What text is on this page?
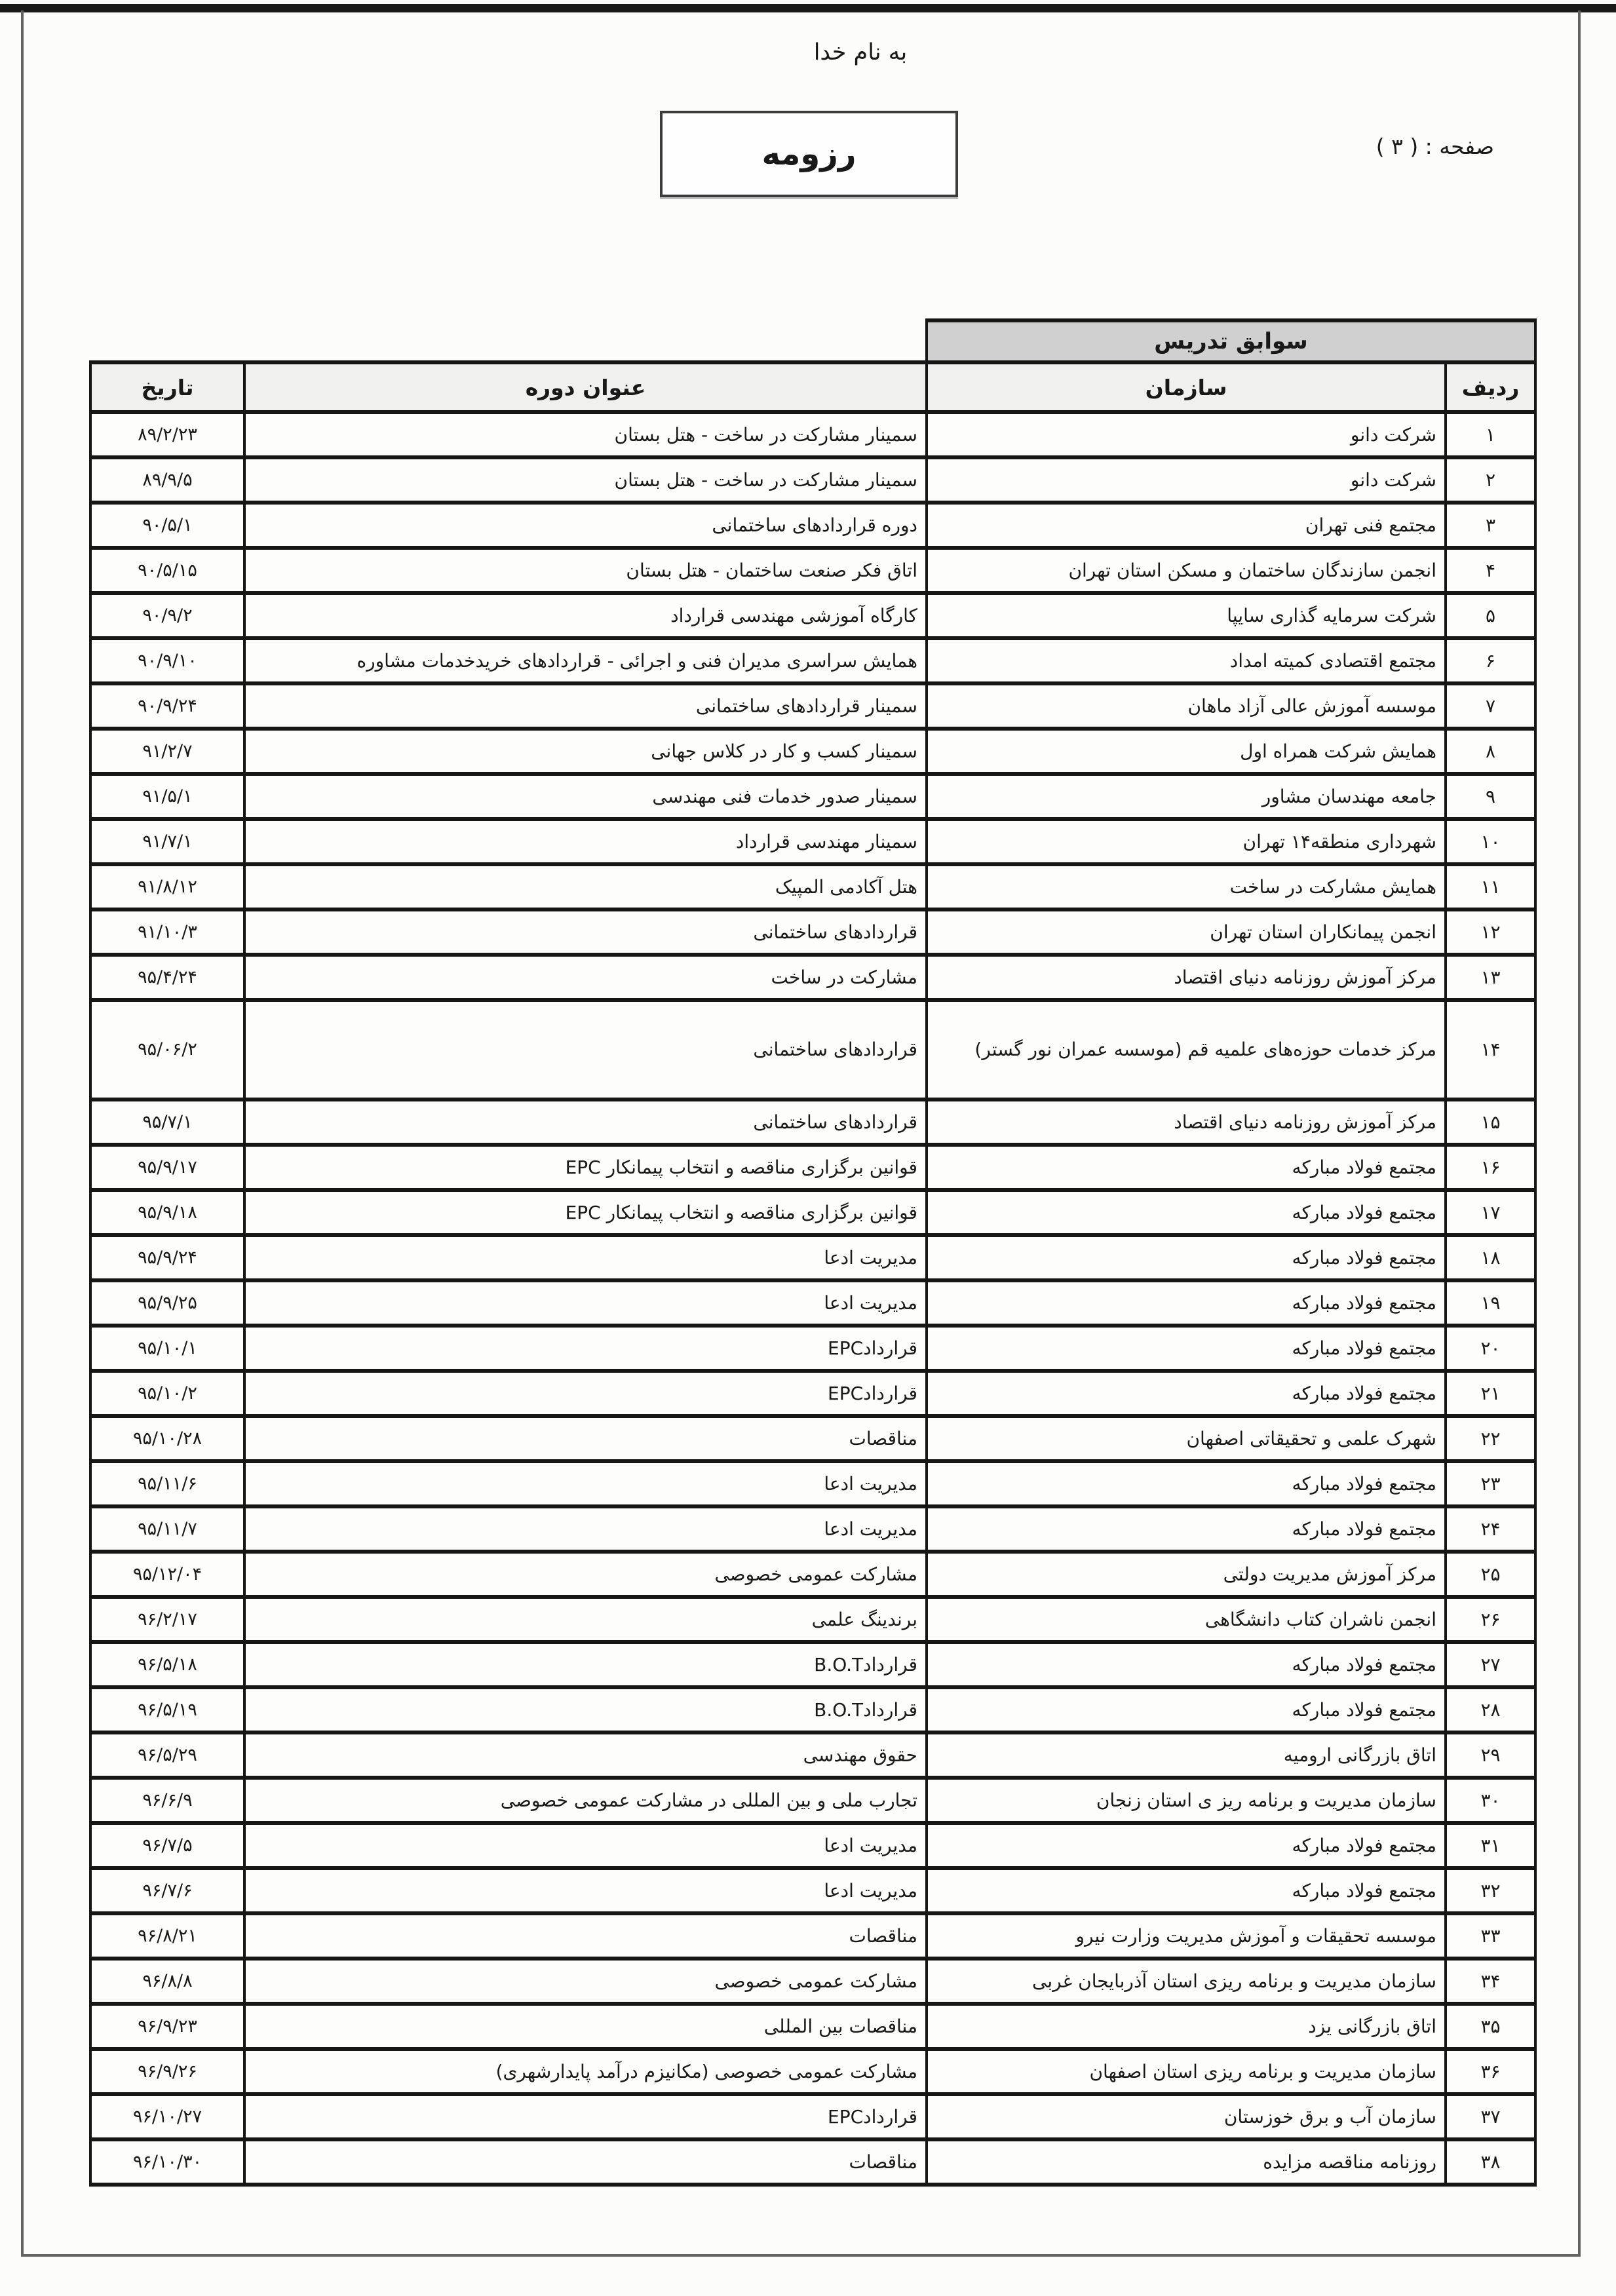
به نام خدا
صفحه : ( ۳ )
رزومه
سوابق تدریس			
ردیف	سازمان	عنوان دوره	تاریخ
۱	شرکت دانو	سمینار مشارکت در ساخت - هتل بستان	۸۹/۲/۲۳
۲	شرکت دانو	سمینار مشارکت در ساخت - هتل بستان	۸۹/۹/۵
۳	مجتمع فنی تهران	دوره قراردادهای ساختمانی	۹۰/۵/۱
۴	انجمن سازندگان ساختمان و مسکن استان تهران	اتاق فکر صنعت ساختمان - هتل بستان	۹۰/۵/۱۵
۵	شرکت سرمایه گذاری سایپا	کارگاه آموزشی مهندسی قرارداد	۹۰/۹/۲
۶	مجتمع اقتصادی کمیته امداد	همایش سراسری مدیران فنی و اجرائی - قراردادهای خریدخدمات مشاوره	۹۰/۹/۱۰
۷	موسسه آموزش عالی آزاد ماهان	سمینار قراردادهای ساختمانی	۹۰/۹/۲۴
۸	همایش شرکت همراه اول	سمینار کسب و کار در کلاس جهانی	۹۱/۲/۷
۹	جامعه مهندسان مشاور	سمینار صدور خدمات فنی مهندسی	۹۱/۵/۱
۱۰	شهرداری منطقه۱۴ تهران	سمینار مهندسی قرارداد	۹۱/۷/۱
۱۱	همایش مشارکت در ساخت	هتل آکادمی المپیک	۹۱/۸/۱۲
۱۲	انجمن پیمانکاران استان تهران	قراردادهای ساختمانی	۹۱/۱۰/۳
۱۳	مرکز آموزش روزنامه دنیای اقتصاد	مشارکت در ساخت	۹۵/۴/۲۴
۱۴	مرکز خدمات حوزه‌های علمیه قم (موسسه عمران نور گستر)	قراردادهای ساختمانی	۹۵/۰۶/۲
۱۵	مرکز آموزش روزنامه دنیای اقتصاد	قراردادهای ساختمانی	۹۵/۷/۱
۱۶	مجتمع فولاد مبارکه	قوانین برگزاری مناقصه و انتخاب پیمانکار EPC	۹۵/۹/۱۷
۱۷	مجتمع فولاد مبارکه	قوانین برگزاری مناقصه و انتخاب پیمانکار EPC	۹۵/۹/۱۸
۱۸	مجتمع فولاد مبارکه	مدیریت ادعا	۹۵/۹/۲۴
۱۹	مجتمع فولاد مبارکه	مدیریت ادعا	۹۵/۹/۲۵
۲۰	مجتمع فولاد مبارکه	قراردادEPC	۹۵/۱۰/۱
۲۱	مجتمع فولاد مبارکه	قراردادEPC	۹۵/۱۰/۲
۲۲	شهرک علمی و تحقیقاتی اصفهان	مناقصات	۹۵/۱۰/۲۸
۲۳	مجتمع فولاد مبارکه	مدیریت ادعا	۹۵/۱۱/۶
۲۴	مجتمع فولاد مبارکه	مدیریت ادعا	۹۵/۱۱/۷
۲۵	مرکز آموزش مدیریت دولتی	مشارکت عمومی خصوصی	۹۵/۱۲/۰۴
۲۶	انجمن ناشران کتاب دانشگاهی	برندینگ علمی	۹۶/۲/۱۷
۲۷	مجتمع فولاد مبارکه	قراردادB.O.T	۹۶/۵/۱۸
۲۸	مجتمع فولاد مبارکه	قراردادB.O.T	۹۶/۵/۱۹
۲۹	اتاق بازرگانی ارومیه	حقوق مهندسی	۹۶/۵/۲۹
۳۰	سازمان مدیریت و برنامه ریز ی استان زنجان	تجارب ملی و بین المللی در مشارکت عمومی خصوصی	۹۶/۶/۹
۳۱	مجتمع فولاد مبارکه	مدیریت ادعا	۹۶/۷/۵
۳۲	مجتمع فولاد مبارکه	مدیریت ادعا	۹۶/۷/۶
۳۳	موسسه تحقیقات و آموزش مدیریت وزارت نیرو	مناقصات	۹۶/۸/۲۱
۳۴	سازمان مدیریت و برنامه ریزی استان آذربایجان غربی	مشارکت عمومی خصوصی	۹۶/۸/۸
۳۵	اتاق بازرگانی یزد	مناقصات بین المللی	۹۶/۹/۲۳
۳۶	سازمان مدیریت و برنامه ریزی استان اصفهان	مشارکت عمومی خصوصی (مکانیزم درآمد پایدارشهری)	۹۶/۹/۲۶
۳۷	سازمان آب و برق خوزستان	قراردادEPC	۹۶/۱۰/۲۷
۳۸	روزنامه مناقصه مزایده	مناقصات	۹۶/۱۰/۳۰
